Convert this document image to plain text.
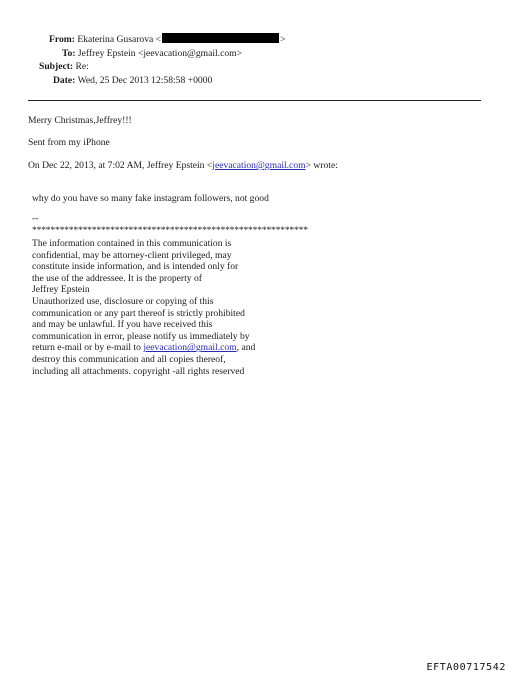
From: Ekaterina Gusarova <	>
To: Jeffrey Epstein <jeevacation@gmail.com>
Subject: Re:
Date: Wed, 25 Dec 2013 12:58:58 +0000
Merry Christmas,Jeffrey!!!
Sent from my iPhone
On Dec 22, 2013, at 7:02 AM, Jeffrey Epstein <jeevacation@gmail.com> wrote:
why do you have so many fake instagram followers, not good
--
************************************************************
The information contained in this communication is
confidential, may be attorney-client privileged, may
constitute inside information, and is intended only for
the use of the addressee. It is the property of
Jeffrey Epstein
Unauthorized use, disclosure or copying of this
communication or any part thereof is strictly prohibited
and may be unlawful. If you have received this
communication in error, please notify us immediately by
return e-mail or by e-mail to jeevacation@gmail.com, and
destroy this communication and all copies thereof,
including all attachments. copyright -all rights reserved
EFTA00717542
